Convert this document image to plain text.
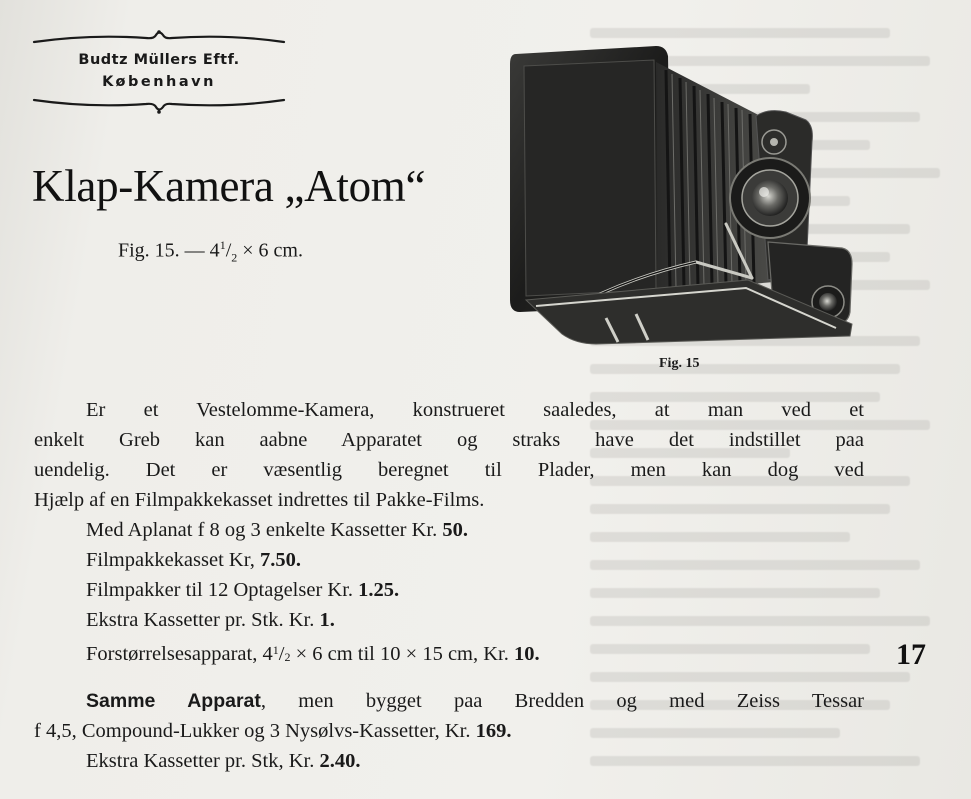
Budtz Müllers Eftf.
København
Klap-Kamera „Atom“
Fig. 15. — $4^1/_2 \times 6$ cm.
Fig. 15

Er et Vestelomme-Kamera, konstrueret saaledes, at man ved et
enkelt Greb kan aabne Apparatet og straks have det indstillet paa
uendelig. Det er væsentlig beregnet til Plader, men kan dog ved
Hjælp af en Filmpakkekasset indrettes til Pakke-Films.

Med Aplanat f 8 og 3 enkelte Kassetter Kr. 50.

Filmpakkekasset Kr, 7.50.

Filmpakker til 12 Optagelser Kr. 1.25.

Ekstra Kassetter pr. Stk. Kr. 1.

Forstørrelsesapparat, $4^1/2 \times 6$ cm til 10 × 15 cm, Kr. 10.

Samme Apparat, men bygget paa Bredden og med Zeiss Tessar
f 4,5, Compound-Lukker og 3 Nysølvs-Kassetter, Kr. 169.

Ekstra Kassetter pr. Stk, Kr. 2.40.

17
